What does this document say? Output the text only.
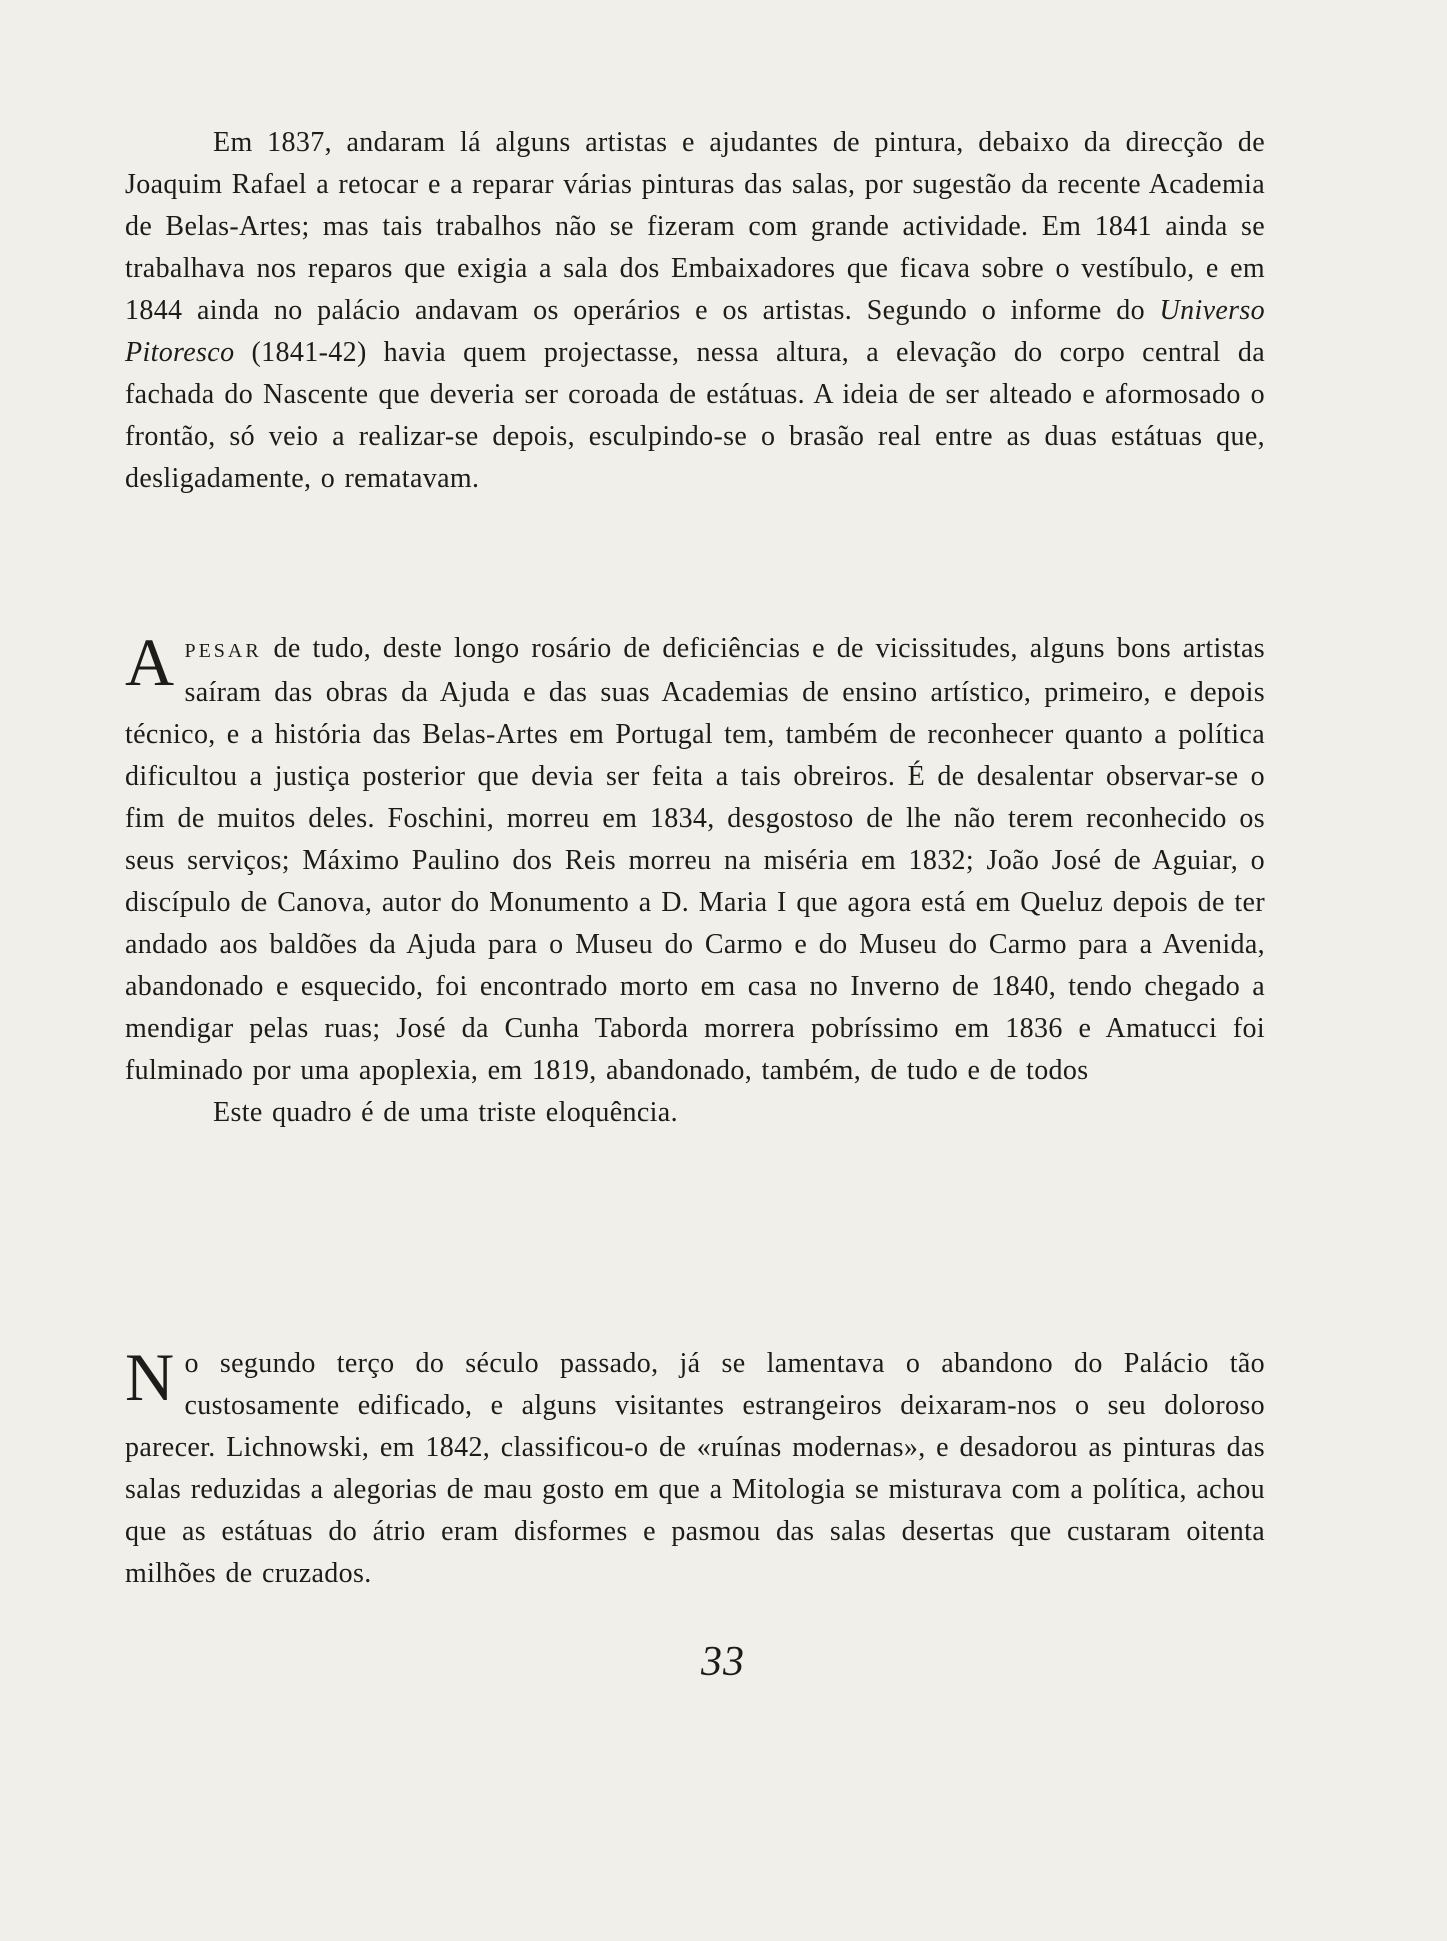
Em 1837, andaram lá alguns artistas e ajudantes de pintura, debaixo da direcção de Joaquim Rafael a retocar e a reparar várias pinturas das salas, por sugestão da recente Academia de Belas-Artes; mas tais trabalhos não se fizeram com grande actividade. Em 1841 ainda se trabalhava nos reparos que exigia a sala dos Embaixadores que ficava sobre o vestíbulo, e em 1844 ainda no palácio andavam os operários e os artistas. Segundo o informe do Universo Pitoresco (1841-42) havia quem projectasse, nessa altura, a elevação do corpo central da fachada do Nascente que deveria ser coroada de estátuas. A ideia de ser alteado e aformosado o frontão, só veio a realizar-se depois, esculpindo-se o brasão real entre as duas estátuas que, desligadamente, o rematavam.

APESAR de tudo, deste longo rosário de deficiências e de vicissitudes, alguns bons artistas saíram das obras da Ajuda e das suas Academias de ensino artístico, primeiro, e depois técnico, e a história das Belas-Artes em Portugal tem, também de reconhecer quanto a política dificultou a justiça posterior que devia ser feita a tais obreiros. É de desalentar observar-se o fim de muitos deles. Foschini, morreu em 1834, desgostoso de lhe não terem reconhecido os seus serviços; Máximo Paulino dos Reis morreu na miséria em 1832; João José de Aguiar, o discípulo de Canova, autor do Monumento a D. Maria I que agora está em Queluz depois de ter andado aos baldões da Ajuda para o Museu do Carmo e do Museu do Carmo para a Avenida, abandonado e esquecido, foi encontrado morto em casa no Inverno de 1840, tendo chegado a mendigar pelas ruas; José da Cunha Taborda morrera pobríssimo em 1836 e Amatucci foi fulminado por uma apoplexia, em 1819, abandonado, também, de tudo e de todos

Este quadro é de uma triste eloquência.

No segundo terço do século passado, já se lamentava o abandono do Palácio tão custosamente edificado, e alguns visitantes estrangeiros deixaram-nos o seu doloroso parecer. Lichnowski, em 1842, classificou-o de «ruínas modernas», e desadorou as pinturas das salas reduzidas a alegorias de mau gosto em que a Mitologia se misturava com a política, achou que as estátuas do átrio eram disformes e pasmou das salas desertas que custaram oitenta milhões de cruzados.

33
